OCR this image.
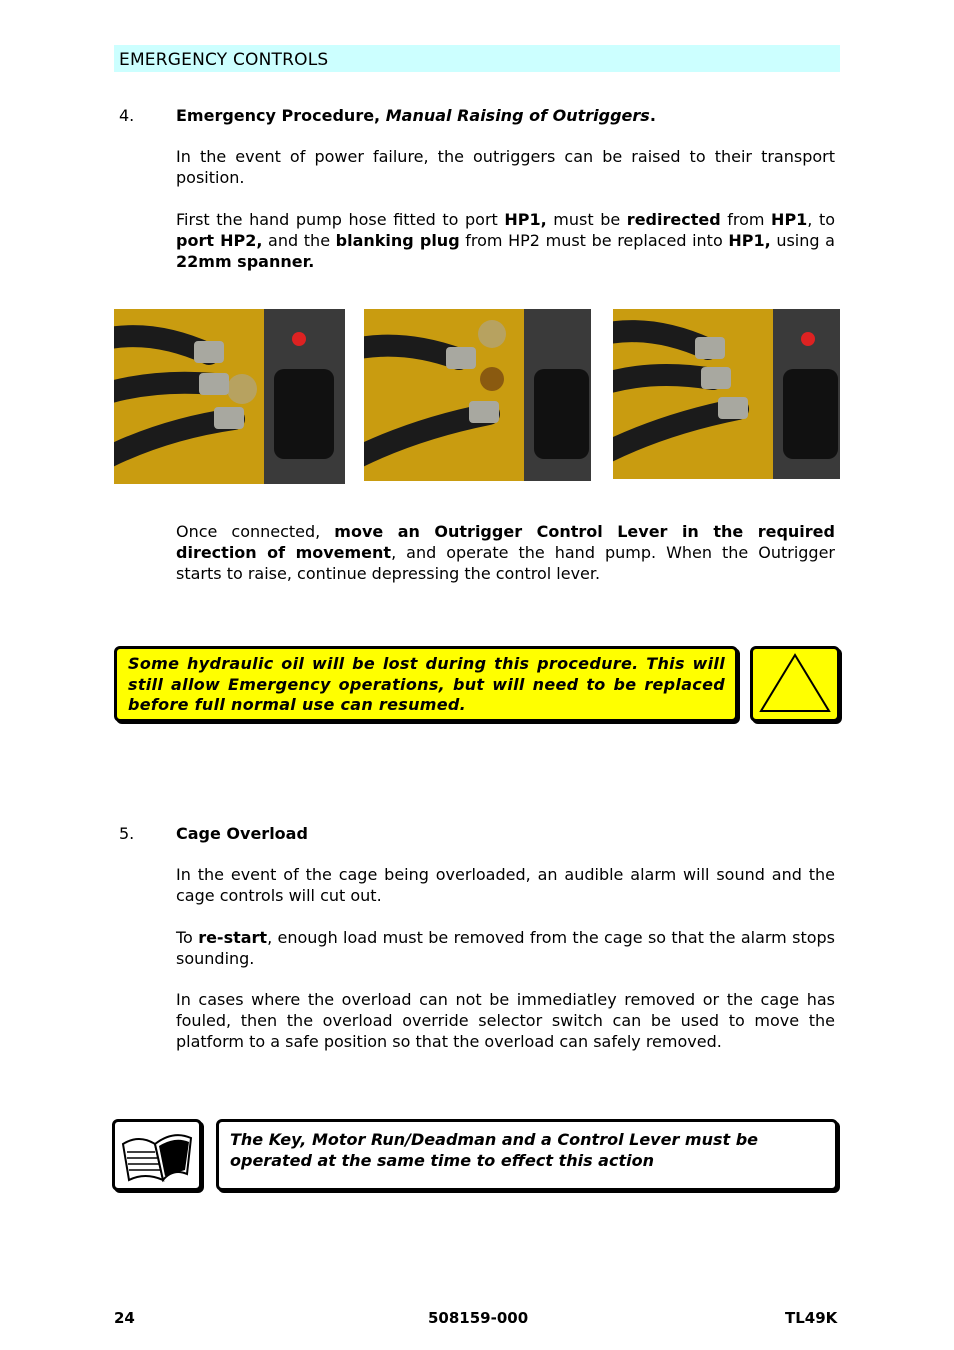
EMERGENCY CONTROLS
4.	Emergency Procedure, Manual Raising of Outriggers.
In the event of power failure, the outriggers can be raised to their transport position.
First the hand pump hose fitted to port HP1, must be redirected from HP1, to port HP2, and the blanking plug from HP2 must be replaced into HP1, using a 22mm spanner.
Once connected, move an Outrigger Control Lever in the required direction of movement, and operate the hand pump. When the Outrigger starts to raise, continue depressing the control lever.
Some hydraulic oil will be lost during this procedure. This will still allow Emergency operations, but will need to be replaced before full normal use can resumed.
5.	Cage Overload
In the event of the cage being overloaded, an audible alarm will sound and the cage controls will cut out.
To re-start, enough load must be removed from the cage so that the alarm stops sounding.
In cases where the overload can not be immediatley removed or the cage has fouled, then the overload override selector switch can be used to move the platform to a safe position so that the overload can safely removed.
The Key, Motor Run/Deadman and a Control Lever must be operated at the same time to effect this action
24	508159-000	TL49K
